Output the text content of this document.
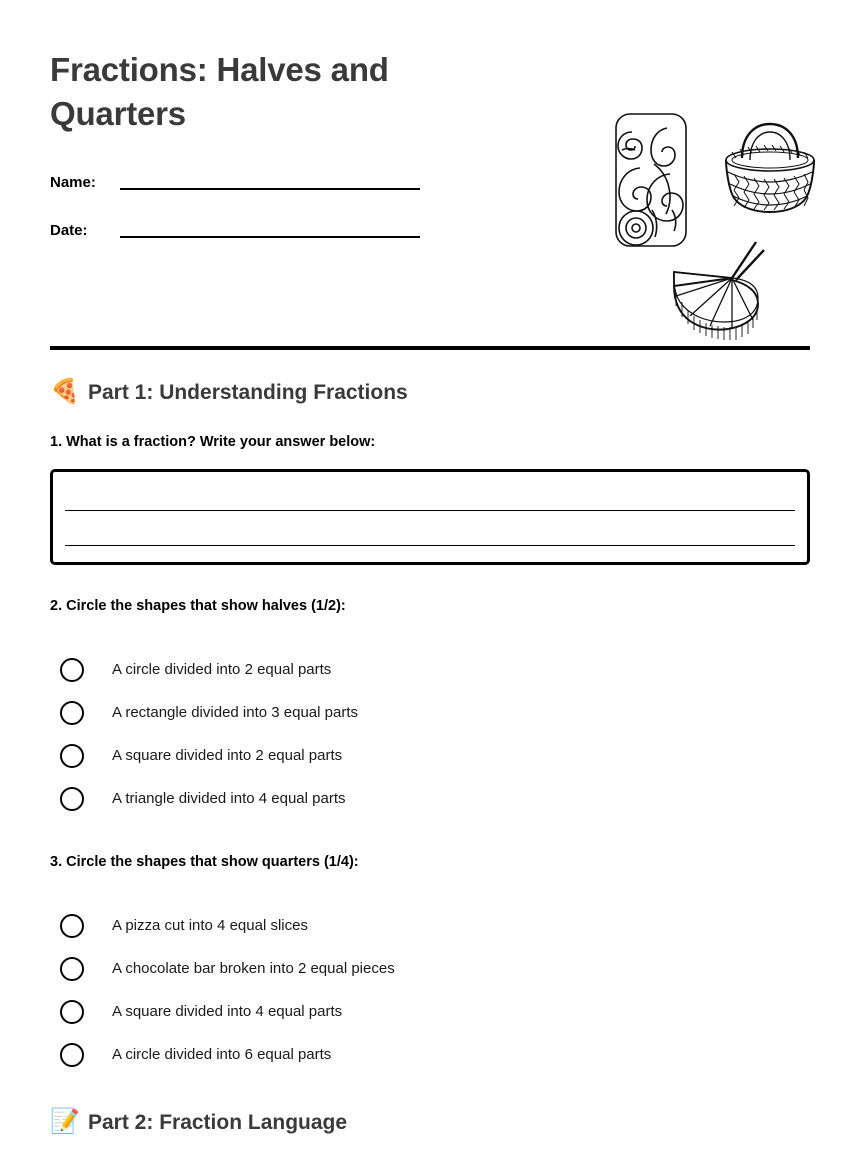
Fractions: Halves and Quarters
Name:
Date:
🍕 Part 1: Understanding Fractions
1. What is a fraction? Write your answer below:
2. Circle the shapes that show halves (1/2):
A circle divided into 2 equal parts
A rectangle divided into 3 equal parts
A square divided into 2 equal parts
A triangle divided into 4 equal parts
3. Circle the shapes that show quarters (1/4):
A pizza cut into 4 equal slices
A chocolate bar broken into 2 equal pieces
A square divided into 4 equal parts
A circle divided into 6 equal parts
📝 Part 2: Fraction Language
